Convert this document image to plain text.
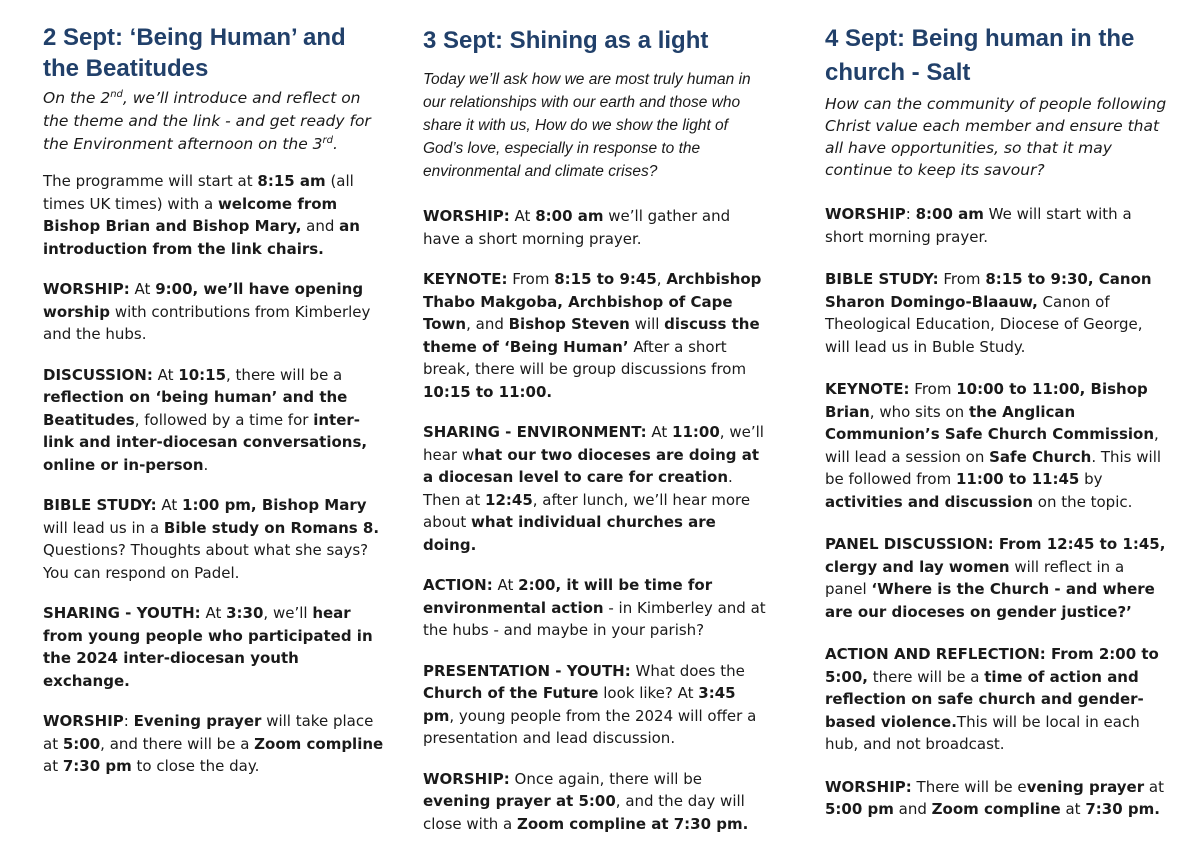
2 Sept: ‘Being Human’ and the Beatitudes

On the 2nd, we’ll introduce and reflect on the theme and the link - and get ready for the Environment afternoon on the 3rd.

The programme will start at 8:15 am (all times UK times) with a welcome from Bishop Brian and Bishop Mary, and an introduction from the link chairs.

WORSHIP: At 9:00, we’ll have opening worship with contributions from Kimberley and the hubs.

DISCUSSION: At 10:15, there will be a reflection on ‘being human’ and the Beatitudes, followed by a time for inter-link and inter-diocesan conversations, online or in-person.

BIBLE STUDY: At 1:00 pm, Bishop Mary will lead us in a Bible study on Romans 8. Questions? Thoughts about what she says? You can respond on Padel.

SHARING - YOUTH: At 3:30, we’ll hear from young people who participated in the 2024 inter-diocesan youth exchange.

WORSHIP: Evening prayer will take place at 5:00, and there will be a Zoom compline at 7:30 pm to close the day.

3 Sept: Shining as a light

Today we’ll ask how we are most truly human in our relationships with our earth and those who share it with us, How do we show the light of God’s love, especially in response to the environmental and climate crises?

WORSHIP: At 8:00 am we’ll gather and have a short morning prayer.

KEYNOTE: From 8:15 to 9:45, Archbishop Thabo Makgoba, Archbishop of Cape Town, and Bishop Steven will discuss the theme of ‘Being Human’ After a short break, there will be group discussions from 10:15 to 11:00.

SHARING - ENVIRONMENT: At 11:00, we’ll hear what our two dioceses are doing at a diocesan level to care for creation. Then at 12:45, after lunch, we’ll hear more about what individual churches are doing.

ACTION: At 2:00, it will be time for environmental action - in Kimberley and at the hubs - and maybe in your parish?

PRESENTATION - YOUTH: What does the Church of the Future look like? At 3:45 pm, young people from the 2024 will offer a presentation and lead discussion.

WORSHIP: Once again, there will be evening prayer at 5:00, and the day will close with a Zoom compline at 7:30 pm.

4 Sept: Being human in the church - Salt

How can the community of people following Christ value each member and ensure that all have opportunities, so that it may continue to keep its savour?

WORSHIP: 8:00 am We will start with a short morning prayer.

BIBLE STUDY: From 8:15 to 9:30, Canon Sharon Domingo-Blaauw, Canon of Theological Education, Diocese of George, will lead us in Buble Study.

KEYNOTE: From 10:00 to 11:00, Bishop Brian, who sits on the Anglican Communion’s Safe Church Commission, will lead a session on Safe Church. This will be followed from 11:00 to 11:45 by activities and discussion on the topic.

PANEL DISCUSSION: From 12:45 to 1:45, clergy and lay women will reflect in a panel ‘Where is the Church - and where are our dioceses on gender justice?’

ACTION AND REFLECTION: From 2:00 to 5:00, there will be a time of action and reflection on safe church and gender-based violence.This will be local in each hub, and not broadcast.

WORSHIP: There will be evening prayer at 5:00 pm and Zoom compline at 7:30 pm.
